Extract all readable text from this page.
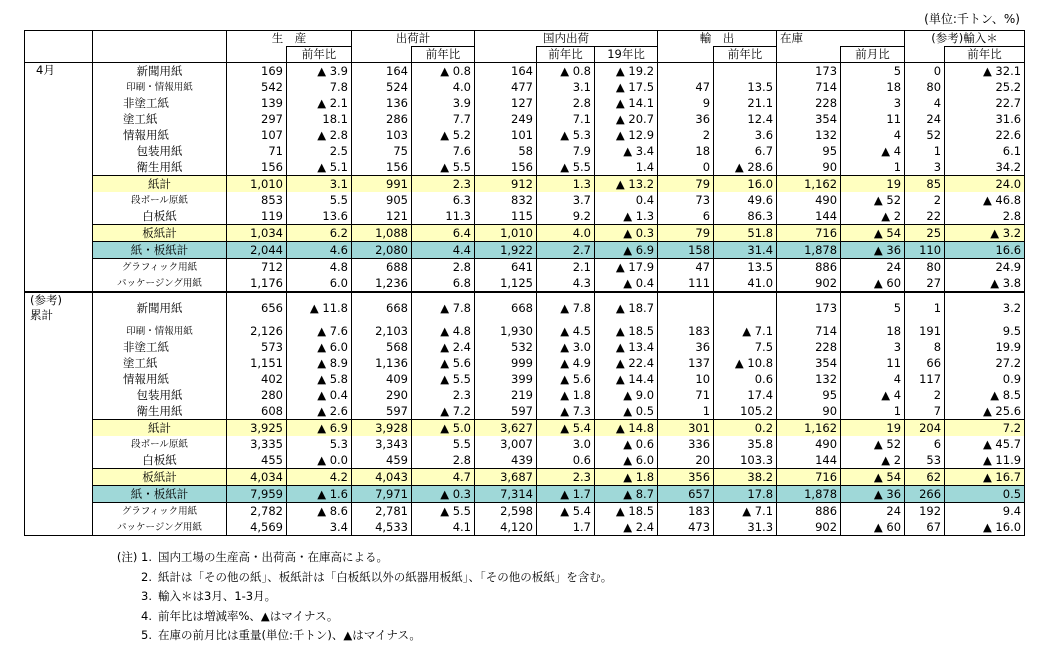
(単位:千トン、%)
		生　産		出荷計		国内出荷			輸　出		在庫		(参考)輸入＊	
			前年比		前年比		前年比	19年比		前年比		前月比		前年比

4月	新聞用紙	169	▲ 3.9	164	▲ 0.8	164	▲ 0.8	▲ 19.2			173	5	0	▲ 32.1
	印刷・情報用紙	542	7.8	524	4.0	477	3.1	▲ 17.5	47	13.5	714	18	80	25.2
	非塗工紙	139	▲ 2.1	136	3.9	127	2.8	▲ 14.1	9	21.1	228	3	4	22.7
	塗工紙	297	18.1	286	7.7	249	7.1	▲ 20.7	36	12.4	354	11	24	31.6
	情報用紙	107	▲ 2.8	103	▲ 5.2	101	▲ 5.3	▲ 12.9	2	3.6	132	4	52	22.6
	包装用紙	71	2.5	75	7.6	58	7.9	▲ 3.4	18	6.7	95	▲ 4	1	6.1
	衛生用紙	156	▲ 5.1	156	▲ 5.5	156	▲ 5.5	1.4	0	▲ 28.6	90	1	3	34.2
	紙計	1,010	3.1	991	2.3	912	1.3	▲ 13.2	79	16.0	1,162	19	85	24.0
	段ボール原紙	853	5.5	905	6.3	832	3.7	0.4	73	49.6	490	▲ 52	2	▲ 46.8
	白板紙	119	13.6	121	11.3	115	9.2	▲ 1.3	6	86.3	144	▲ 2	22	2.8
	板紙計	1,034	6.2	1,088	6.4	1,010	4.0	▲ 0.3	79	51.8	716	▲ 54	25	▲ 3.2
	紙・板紙計	2,044	4.6	2,080	4.4	1,922	2.7	▲ 6.9	158	31.4	1,878	▲ 36	110	16.6
	グラフィック用紙	712	4.8	688	2.8	641	2.1	▲ 17.9	47	13.5	886	24	80	24.9
	パッケージング用紙	1,176	6.0	1,236	6.8	1,125	4.3	▲ 0.4	111	41.0	902	▲ 60	27	▲ 3.8

(参考)
累計	新聞用紙	656	▲ 11.8	668	▲ 7.8	668	▲ 7.8	▲ 18.7			173	5	1	3.2
	印刷・情報用紙	2,126	▲ 7.6	2,103	▲ 4.8	1,930	▲ 4.5	▲ 18.5	183	▲ 7.1	714	18	191	9.5
	非塗工紙	573	▲ 6.0	568	▲ 2.4	532	▲ 3.0	▲ 13.4	36	7.5	228	3	8	19.9
	塗工紙	1,151	▲ 8.9	1,136	▲ 5.6	999	▲ 4.9	▲ 22.4	137	▲ 10.8	354	11	66	27.2
	情報用紙	402	▲ 5.8	409	▲ 5.5	399	▲ 5.6	▲ 14.4	10	0.6	132	4	117	0.9
	包装用紙	280	▲ 0.4	290	2.3	219	▲ 1.8	▲ 9.0	71	17.4	95	▲ 4	2	▲ 8.5
	衛生用紙	608	▲ 2.6	597	▲ 7.2	597	▲ 7.3	▲ 0.5	1	105.2	90	1	7	▲ 25.6
	紙計	3,925	▲ 6.9	3,928	▲ 5.0	3,627	▲ 5.4	▲ 14.8	301	0.2	1,162	19	204	7.2
	段ボール原紙	3,335	5.3	3,343	5.5	3,007	3.0	▲ 0.6	336	35.8	490	▲ 52	6	▲ 45.7
	白板紙	455	▲ 0.0	459	2.8	439	0.6	▲ 6.0	20	103.3	144	▲ 2	53	▲ 11.9
	板紙計	4,034	4.2	4,043	4.7	3,687	2.3	▲ 1.8	356	38.2	716	▲ 54	62	▲ 16.7
	紙・板紙計	7,959	▲ 1.6	7,971	▲ 0.3	7,314	▲ 1.7	▲ 8.7	657	17.8	1,878	▲ 36	266	0.5
	グラフィック用紙	2,782	▲ 8.6	2,781	▲ 5.5	2,598	▲ 5.4	▲ 18.5	183	▲ 7.1	886	24	192	9.4
	パッケージング用紙	4,569	3.4	4,533	4.1	4,120	1.7	▲ 2.4	473	31.3	902	▲ 60	67	▲ 16.0
(注) 1. 国内工場の生産高・出荷高・在庫高による。
2. 紙計は「その他の紙」、板紙計は「白板紙以外の紙器用板紙」、「その他の板紙」を含む。
3. 輸入＊は3月、1-3月。
4. 前年比は増減率%、▲はマイナス。
5. 在庫の前月比は重量(単位:千トン)、▲はマイナス。
